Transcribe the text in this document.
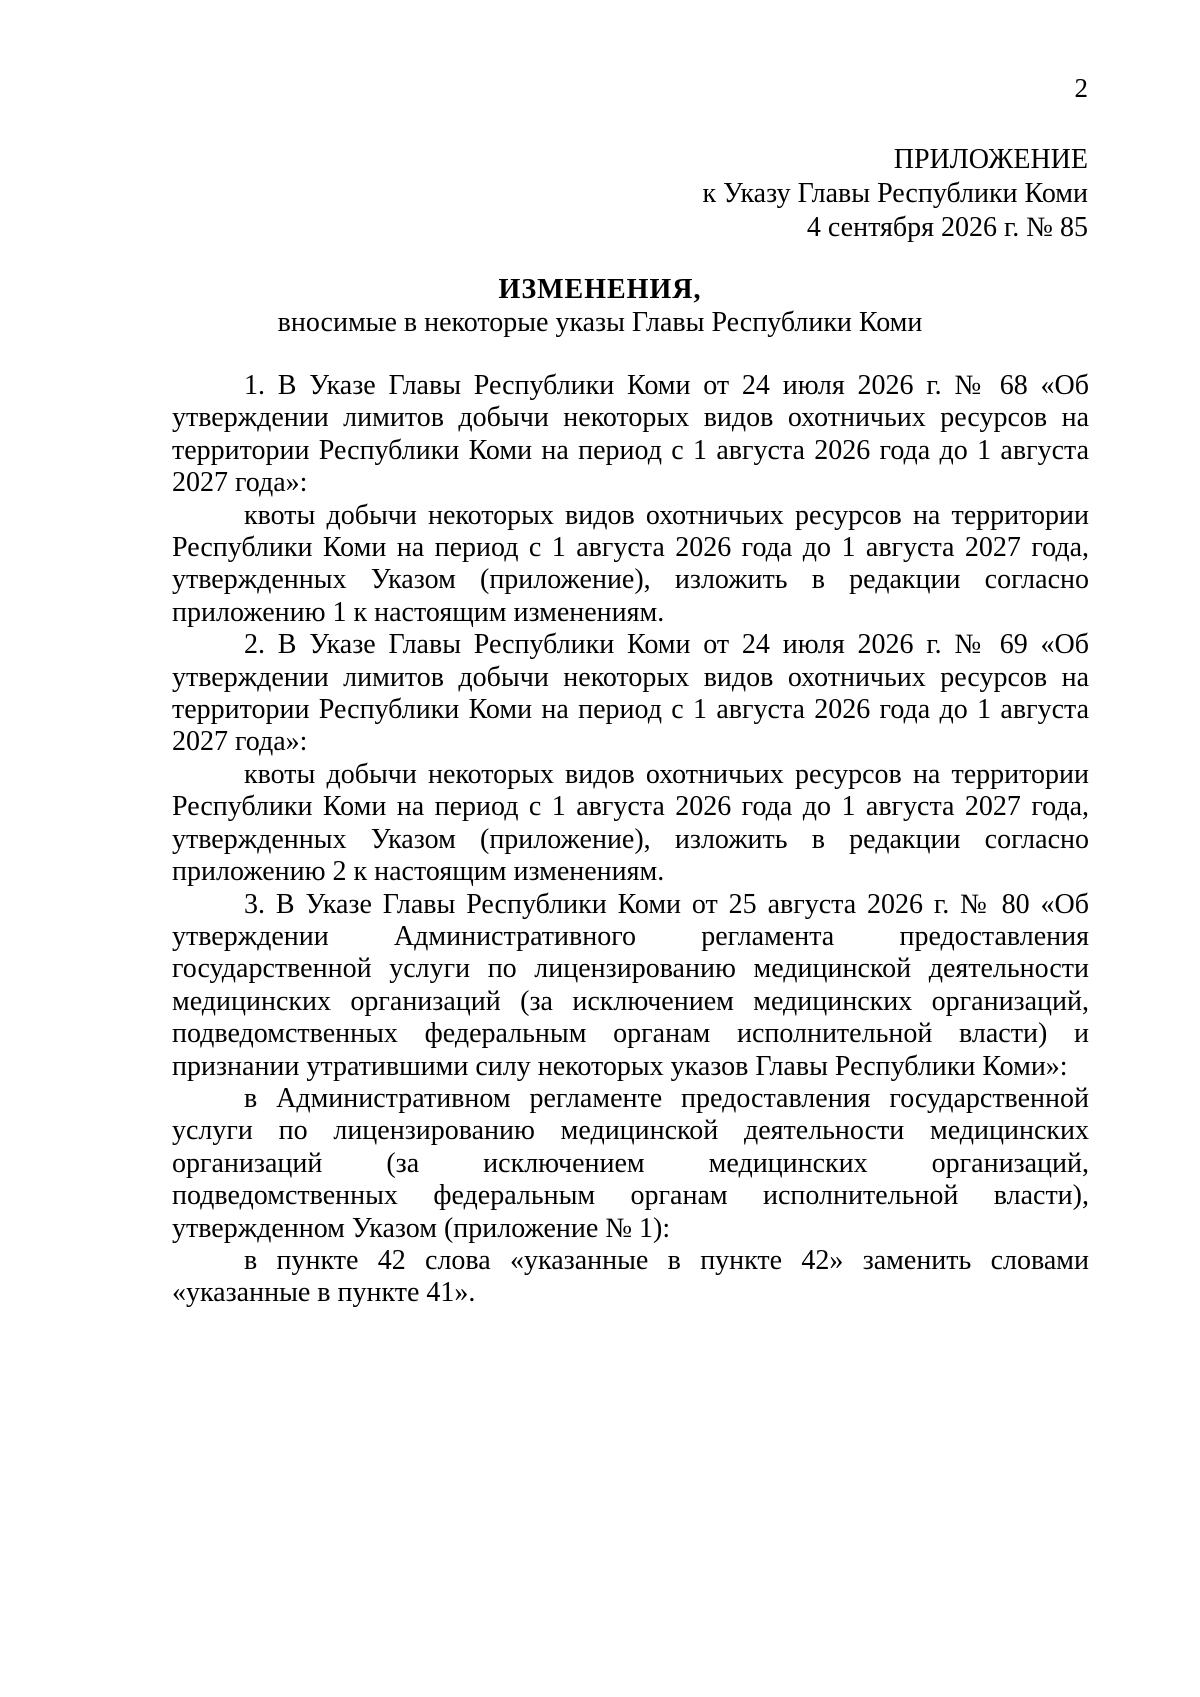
2
ПРИЛОЖЕНИЕ
к Указу Главы Республики Коми
4 сентября 2026 г. № 85
ИЗМЕНЕНИЯ,
вносимые в некоторые указы Главы Республики Коми

1. В Указе Главы Республики Коми от 24 июля 2026 г. № 68 «Об утверждении лимитов добычи некоторых видов охотничьих ресурсов на территории Республики Коми на период с 1 августа 2026 года до 1 августа 2027 года»:

квоты добычи некоторых видов охотничьих ресурсов на территории Республики Коми на период с 1 августа 2026 года до 1 августа 2027 года, утвержденных Указом (приложение), изложить в редакции согласно приложению 1 к настоящим изменениям.

2. В Указе Главы Республики Коми от 24 июля 2026 г. № 69 «Об утверждении лимитов добычи некоторых видов охотничьих ресурсов на территории Республики Коми на период с 1 августа 2026 года до 1 августа 2027 года»:

квоты добычи некоторых видов охотничьих ресурсов на территории Республики Коми на период с 1 августа 2026 года до 1 августа 2027 года, утвержденных Указом (приложение), изложить в редакции согласно приложению 2 к настоящим изменениям.

3. В Указе Главы Республики Коми от 25 августа 2026 г. № 80 «Об утверждении Административного регламента предоставления государственной услуги по лицензированию медицинской деятельности медицинских организаций (за исключением медицинских организаций, подведомственных федеральным органам исполнительной власти) и признании утратившими силу некоторых указов Главы Республики Коми»:

в Административном регламенте предоставления государственной услуги по лицензированию медицинской деятельности медицинских организаций (за исключением медицинских организаций, подведомственных федеральным органам исполнительной власти), утвержденном Указом (приложение № 1):

в пункте 42 слова «указанные в пункте 42» заменить словами «указанные в пункте 41».
